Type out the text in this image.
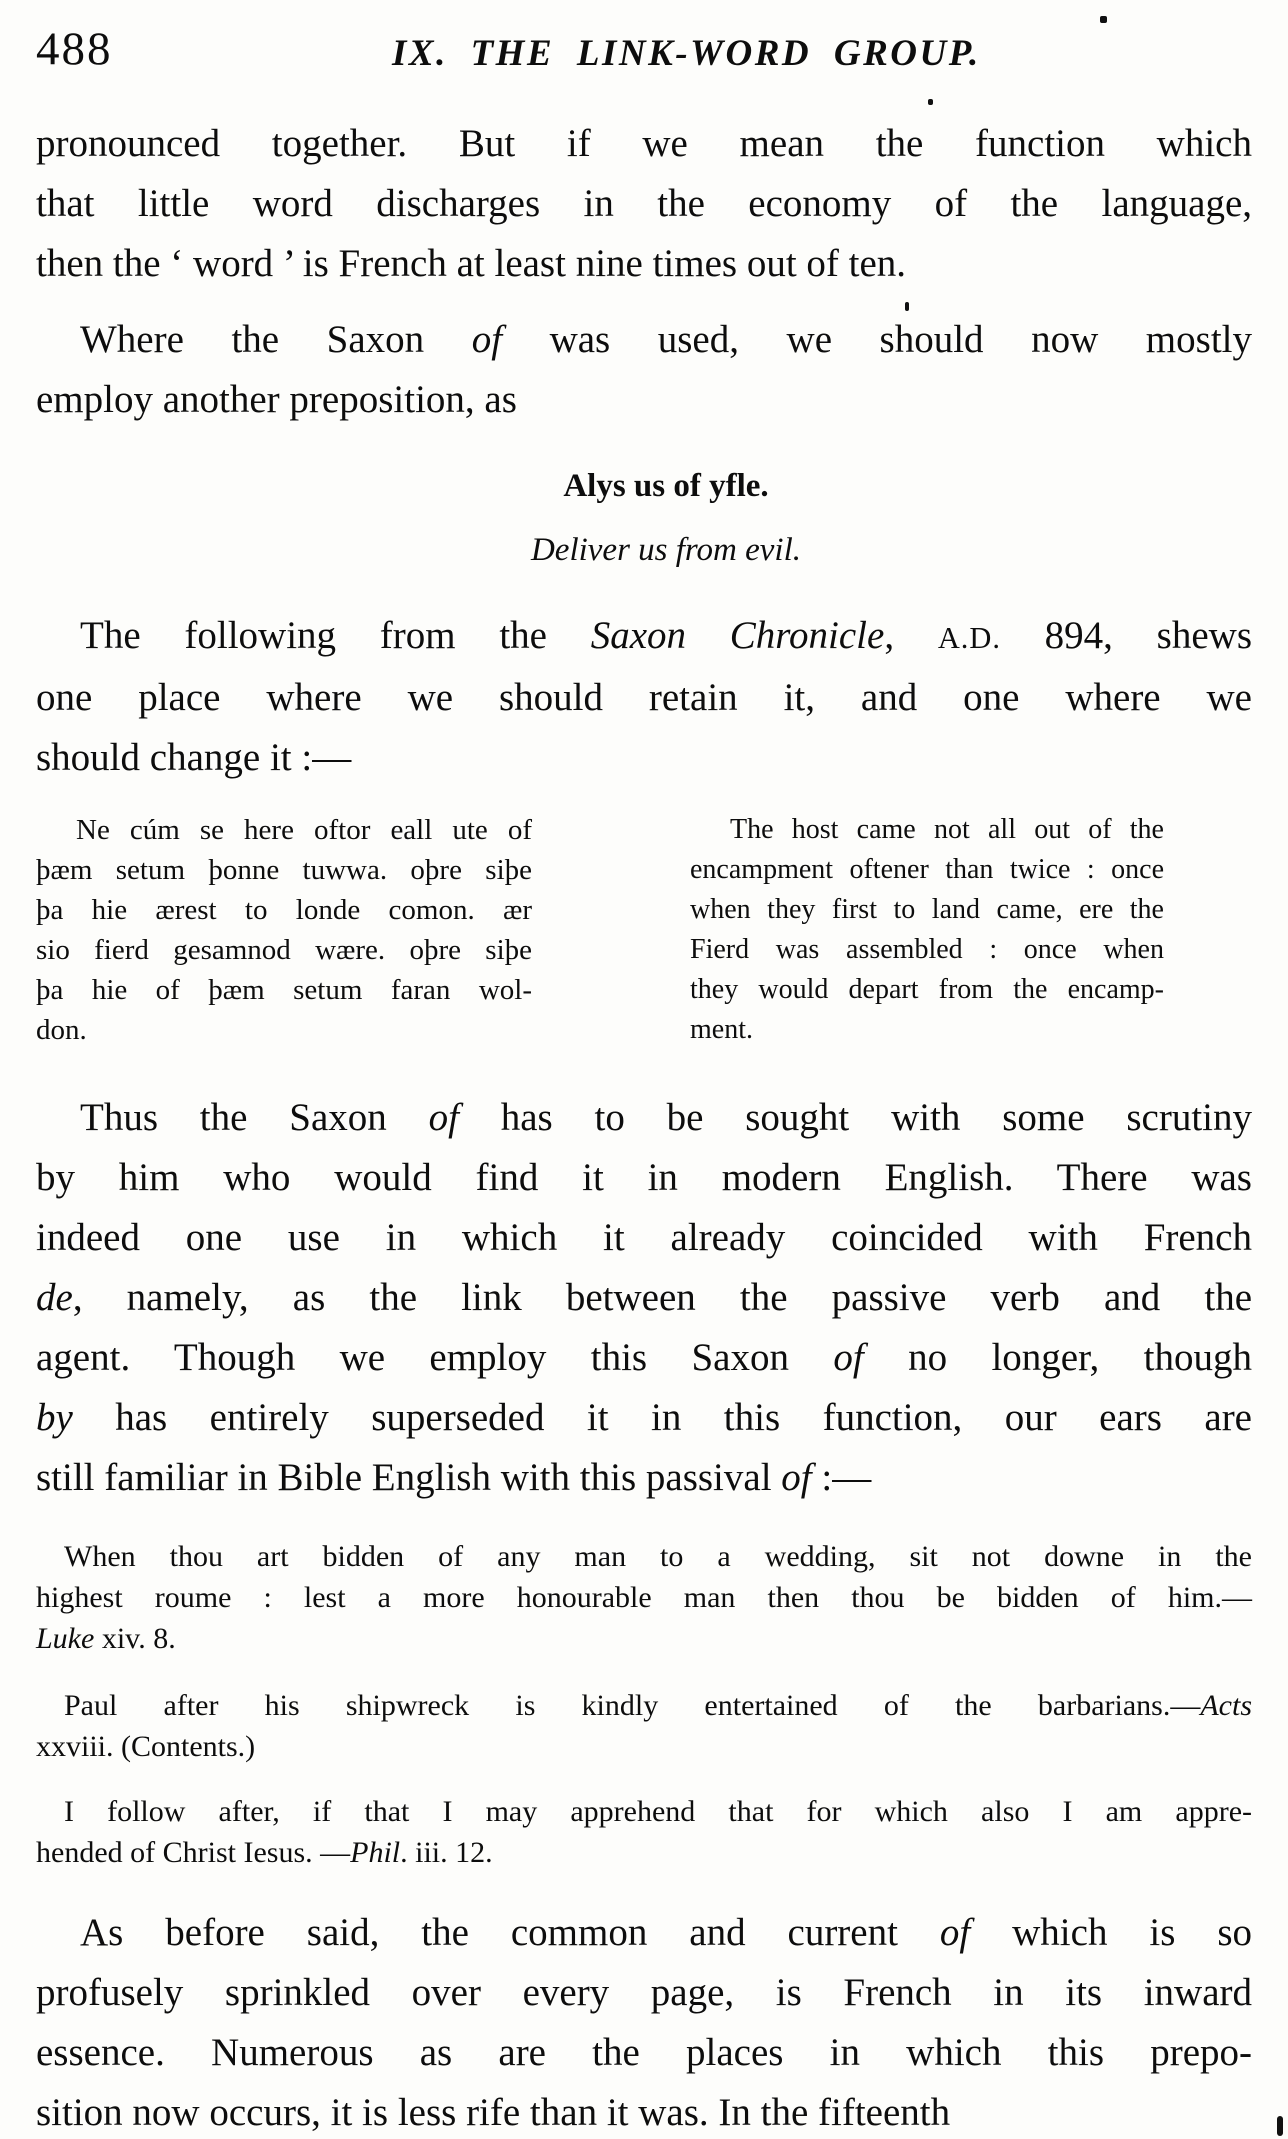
488	IX. THE LINK-WORD GROUP.
pronounced together. But if we mean the function which
that little word discharges in the economy of the language,
then the ‘ word ’ is French at least nine times out of ten.
Where the Saxon of was used, we should now mostly
employ another preposition, as
Alys us of yfle.
Deliver us from evil.
The following from the Saxon Chronicle, A.D. 894, shews
one place where we should retain it, and one where we
should change it :—
Ne cúm se here oftor eall ute of
þæm setum þonne tuwwa. oþre siþe
þa hie ærest to londe comon. ær
sio fierd gesamnod wære. oþre siþe
þa hie of þæm setum faran wol-
don.
The host came not all out of the
encampment oftener than twice : once
when they first to land came, ere the
Fierd was assembled : once when
they would depart from the encamp-
ment.
Thus the Saxon of has to be sought with some scrutiny
by him who would find it in modern English. There was
indeed one use in which it already coincided with French
de, namely, as the link between the passive verb and the
agent. Though we employ this Saxon of no longer, though
by has entirely superseded it in this function, our ears are
still familiar in Bible English with this passival of :—
When thou art bidden of any man to a wedding, sit not downe in the
highest roume : lest a more honourable man then thou be bidden of him.—
Luke xiv. 8.
Paul after his shipwreck is kindly entertained of the barbarians.—Acts
xxviii. (Contents.)
I follow after, if that I may apprehend that for which also I am appre-
hended of Christ Iesus. —Phil. iii. 12.
As before said, the common and current of which is so
profusely sprinkled over every page, is French in its inward
essence. Numerous as are the places in which this prepo-
sition now occurs, it is less rife than it was. In the fifteenth
